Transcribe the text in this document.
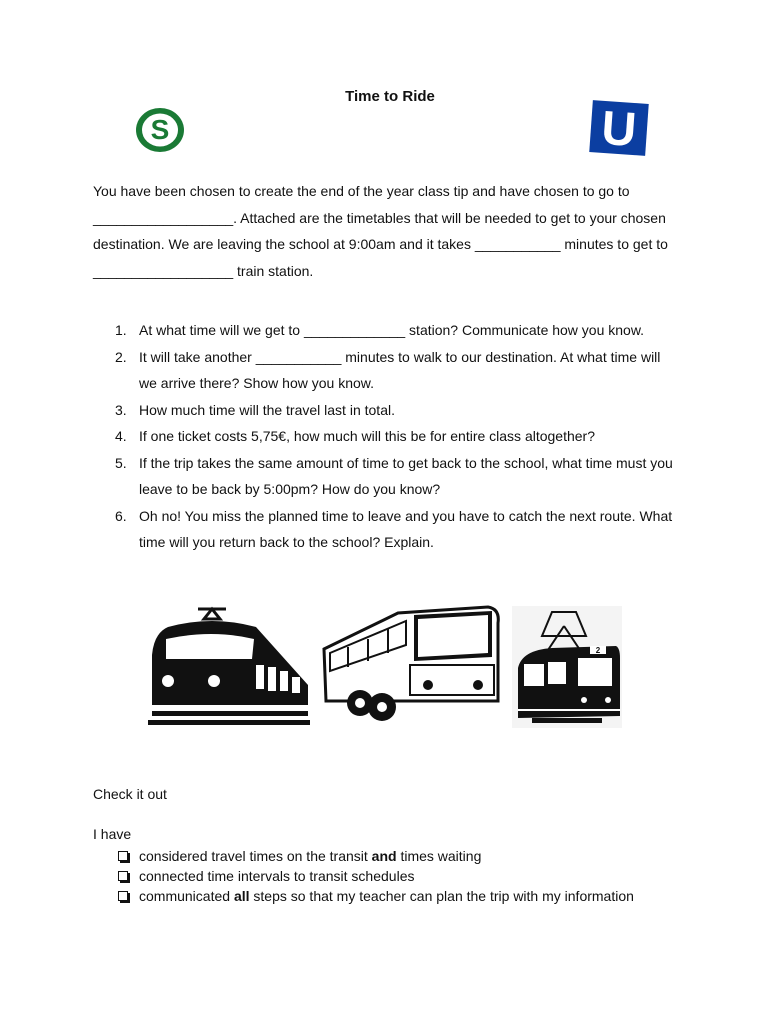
Time to Ride
S	U
You have been chosen to create the end of the year class tip and have chosen to go to __________________. Attached are the timetables that will be needed to get to your chosen destination. We are leaving the school at 9:00am and it takes ___________ minutes to get to __________________ train station.
1. At what time will we get to _____________ station? Communicate how you know.
2. It will take another ___________ minutes to walk to our destination. At what time will we arrive there? Show how you know.
3. How much time will the travel last in total.
4. If one ticket costs 5,75€, how much will this be for entire class altogether?
5. If the trip takes the same amount of time to get back to the school, what time must you leave to be back by 5:00pm? How do you know?
6. Oh no! You miss the planned time to leave and you have to catch the next route. What time will you return back to the school? Explain.
2
Check it out
I have
considered travel times on the transit and times waiting
connected time intervals to transit schedules
communicated all steps so that my teacher can plan the trip with my information
